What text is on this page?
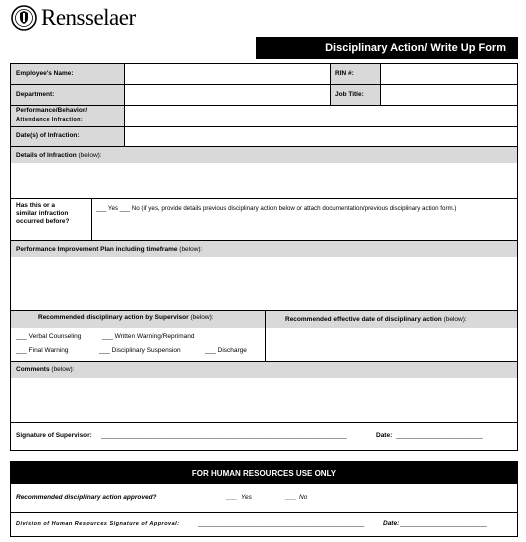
Rensselaer
Disciplinary Action/ Write Up Form
Employee's Name:	RIN #:
Department:	Job Title:
Performance/Behavior/
Attendance Infraction:
Date(s) of Infraction:
Details of Infraction (below):
Has this or a
similar infraction
occurred before?
___ Yes ___ No (if yes, provide details previous disciplinary action below or attach documentation/previous disciplinary action form.)
Performance Improvement Plan including timeframe (below):
Recommended disciplinary action by Supervisor (below):	Recommended effective date of disciplinary action (below):
___ Verbal Counseling	___ Written Warning/Reprimand
___ Final Warning	___ Disciplinary Suspension	___ Discharge
Comments (below):
Signature of Supervisor: ____________________________________________________________________	Date: ________________________
FOR HUMAN RESOURCES USE ONLY
Recommended disciplinary action approved?	___ Yes	___ No
Division of Human Resources Signature of Approval:	______________________________________________	Date: ________________________
